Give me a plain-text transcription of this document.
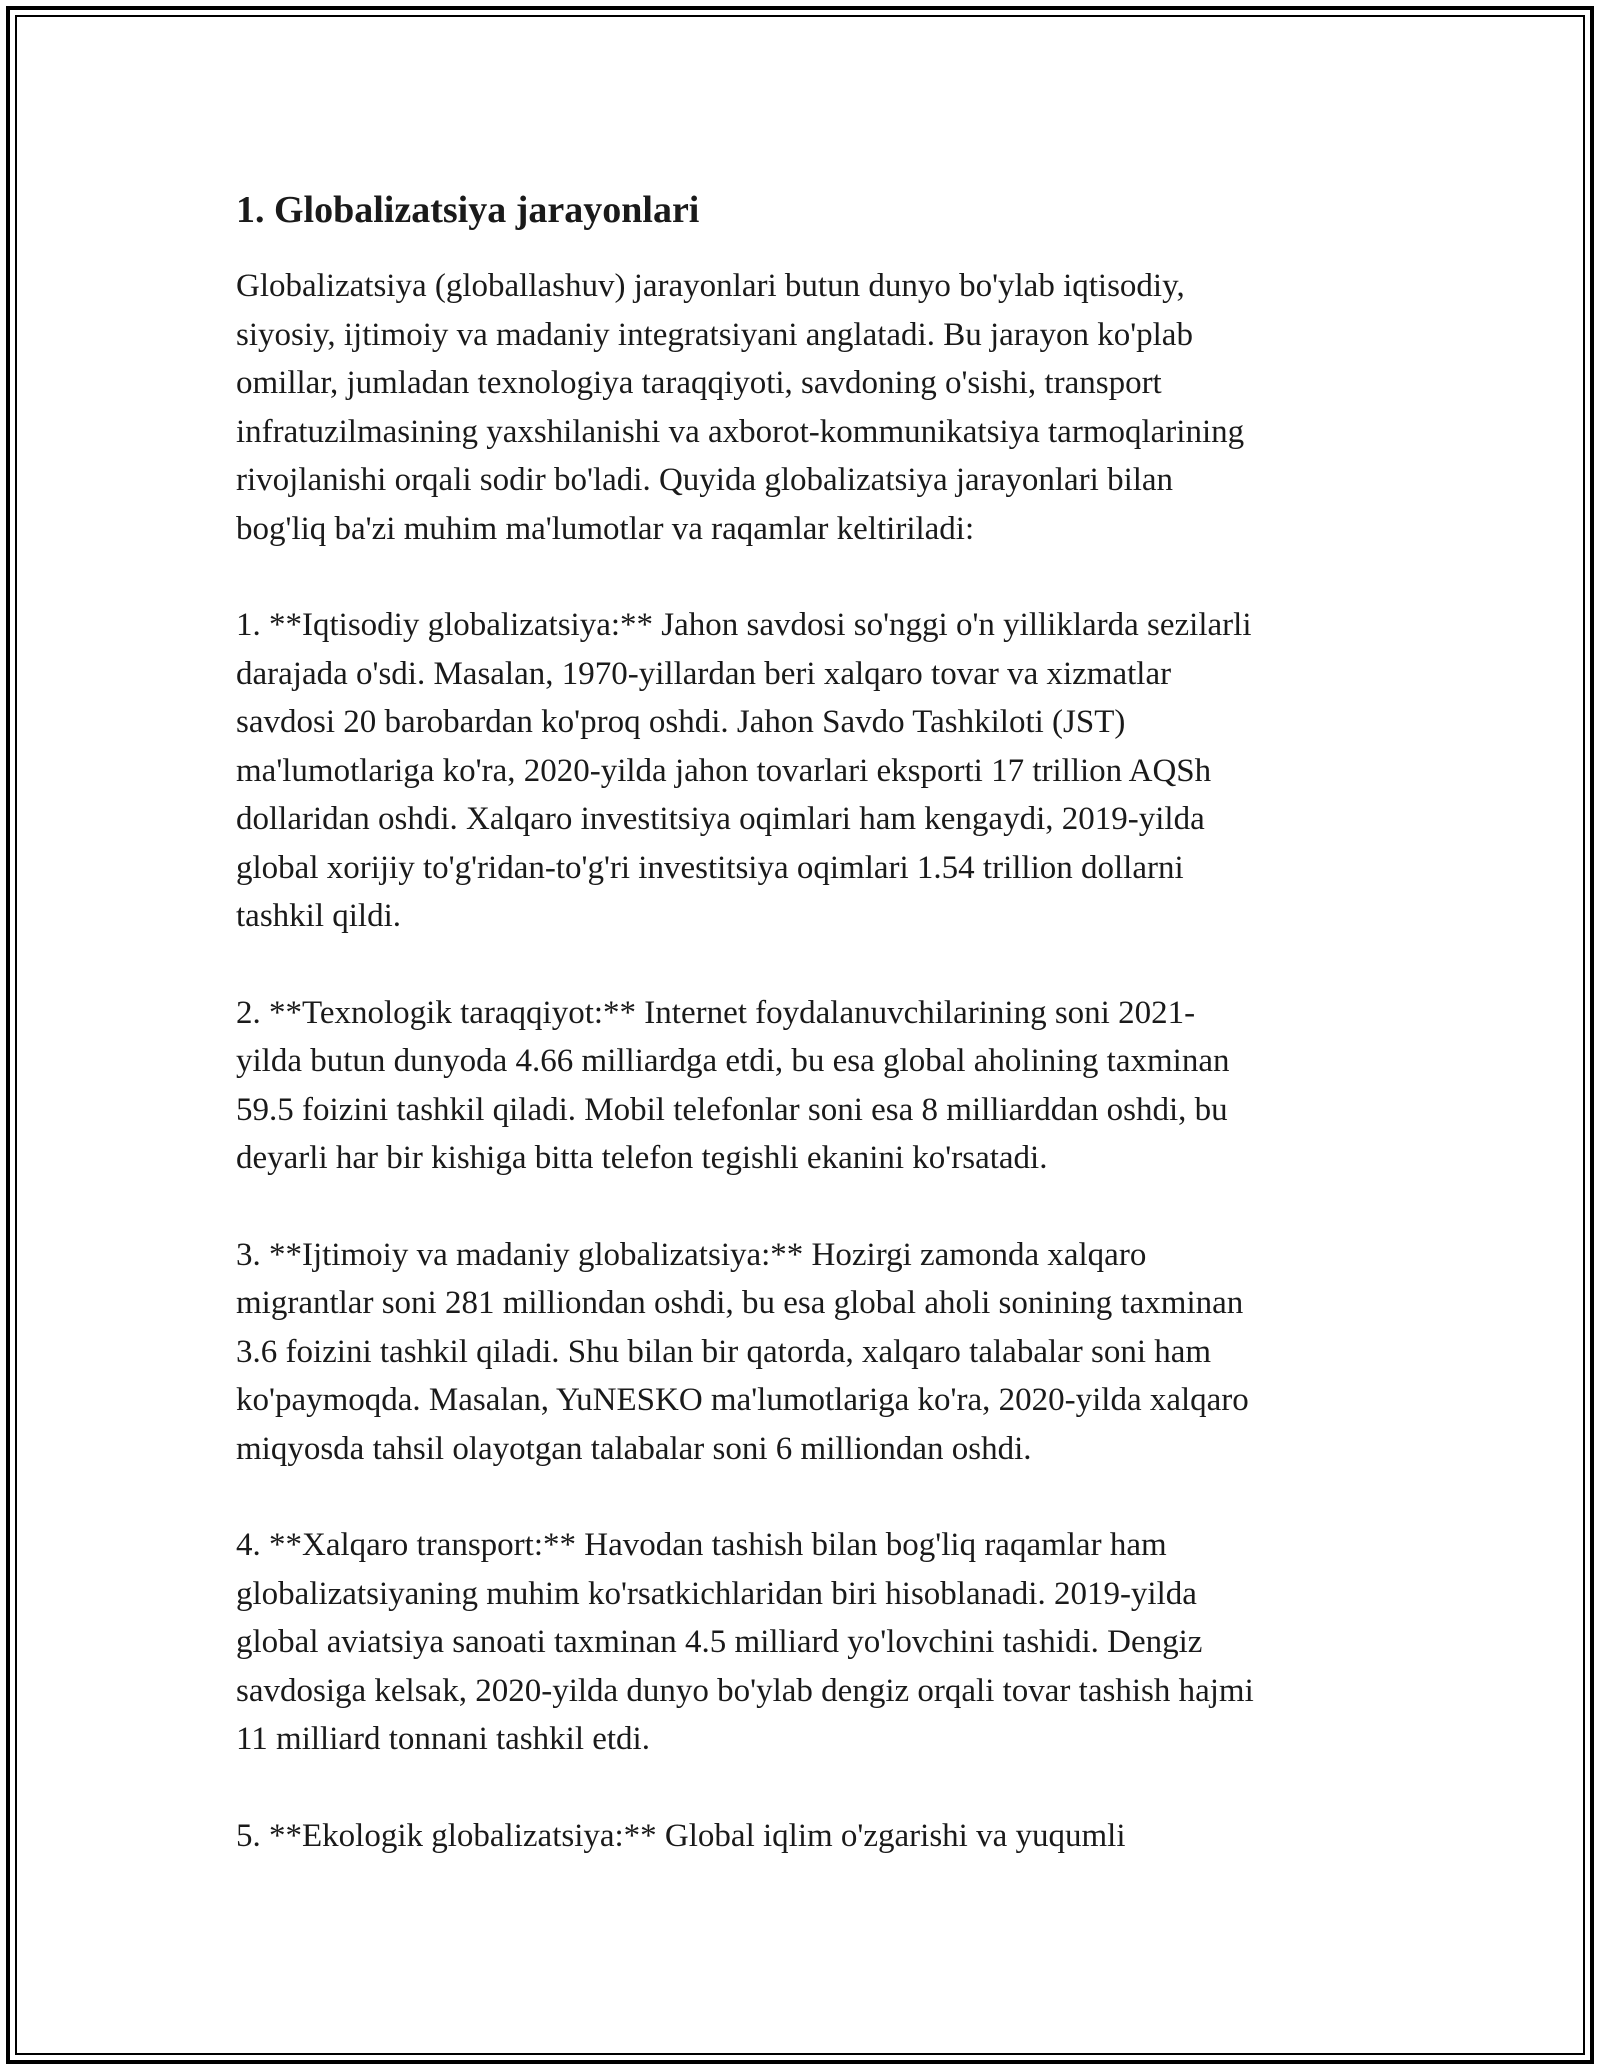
1. Globalizatsiya jarayonlari

Globalizatsiya (globallashuv) jarayonlari butun dunyo bo'ylab iqtisodiy,
siyosiy, ijtimoiy va madaniy integratsiyani anglatadi. Bu jarayon ko'plab
omillar, jumladan texnologiya taraqqiyoti, savdoning o'sishi, transport
infratuzilmasining yaxshilanishi va axborot-kommunikatsiya tarmoqlarining
rivojlanishi orqali sodir bo'ladi. Quyida globalizatsiya jarayonlari bilan
bog'liq ba'zi muhim ma'lumotlar va raqamlar keltiriladi:

1. **Iqtisodiy globalizatsiya:** Jahon savdosi so'nggi o'n yilliklarda sezilarli
darajada o'sdi. Masalan, 1970-yillardan beri xalqaro tovar va xizmatlar
savdosi 20 barobardan ko'proq oshdi. Jahon Savdo Tashkiloti (JST)
ma'lumotlariga ko'ra, 2020-yilda jahon tovarlari eksporti 17 trillion AQSh
dollaridan oshdi. Xalqaro investitsiya oqimlari ham kengaydi, 2019-yilda
global xorijiy to'g'ridan-to'g'ri investitsiya oqimlari 1.54 trillion dollarni
tashkil qildi.

2. **Texnologik taraqqiyot:** Internet foydalanuvchilarining soni 2021-
yilda butun dunyoda 4.66 milliardga etdi, bu esa global aholining taxminan
59.5 foizini tashkil qiladi. Mobil telefonlar soni esa 8 milliarddan oshdi, bu
deyarli har bir kishiga bitta telefon tegishli ekanini ko'rsatadi.

3. **Ijtimoiy va madaniy globalizatsiya:** Hozirgi zamonda xalqaro
migrantlar soni 281 milliondan oshdi, bu esa global aholi sonining taxminan
3.6 foizini tashkil qiladi. Shu bilan bir qatorda, xalqaro talabalar soni ham
ko'paymoqda. Masalan, YuNESKO ma'lumotlariga ko'ra, 2020-yilda xalqaro
miqyosda tahsil olayotgan talabalar soni 6 milliondan oshdi.

4. **Xalqaro transport:** Havodan tashish bilan bog'liq raqamlar ham
globalizatsiyaning muhim ko'rsatkichlaridan biri hisoblanadi. 2019-yilda
global aviatsiya sanoati taxminan 4.5 milliard yo'lovchini tashidi. Dengiz
savdosiga kelsak, 2020-yilda dunyo bo'ylab dengiz orqali tovar tashish hajmi
11 milliard tonnani tashkil etdi.

5. **Ekologik globalizatsiya:** Global iqlim o'zgarishi va yuqumli
